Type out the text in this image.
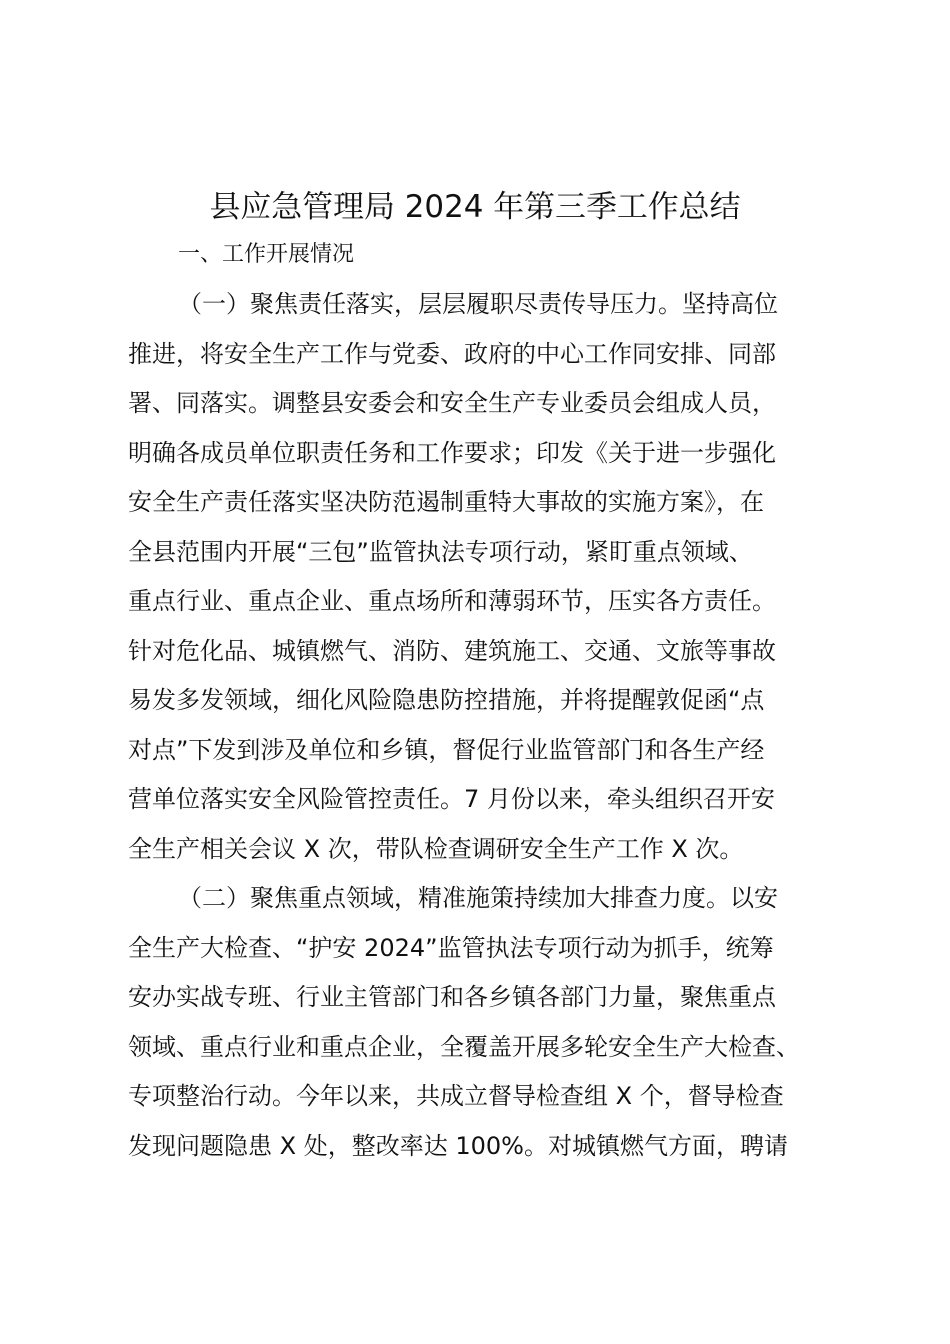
县应急管理局 2024 年第三季工作总结
一、工作开展情况
（一）聚焦责任落实，层层履职尽责传导压力。坚持高位
推进，将安全生产工作与党委、政府的中心工作同安排、同部
署、同落实。调整县安委会和安全生产专业委员会组成人员，
明确各成员单位职责任务和工作要求；印发《关于进一步强化
安全生产责任落实坚决防范遏制重特大事故的实施方案》，在
全县范围内开展“三包”监管执法专项行动，紧盯重点领域、
重点行业、重点企业、重点场所和薄弱环节，压实各方责任。
针对危化品、城镇燃气、消防、建筑施工、交通、文旅等事故
易发多发领域，细化风险隐患防控措施，并将提醒敦促函“点
对点”下发到涉及单位和乡镇，督促行业监管部门和各生产经
营单位落实安全风险管控责任。7 月份以来，牵头组织召开安
全生产相关会议 X 次，带队检查调研安全生产工作 X 次。
（二）聚焦重点领域，精准施策持续加大排查力度。以安
全生产大检查、“护安 2024”监管执法专项行动为抓手，统筹
安办实战专班、行业主管部门和各乡镇各部门力量，聚焦重点
领域、重点行业和重点企业，全覆盖开展多轮安全生产大检查、
专项整治行动。今年以来，共成立督导检查组 X 个，督导检查
发现问题隐患 X 处，整改率达 100%。对城镇燃气方面，聘请
